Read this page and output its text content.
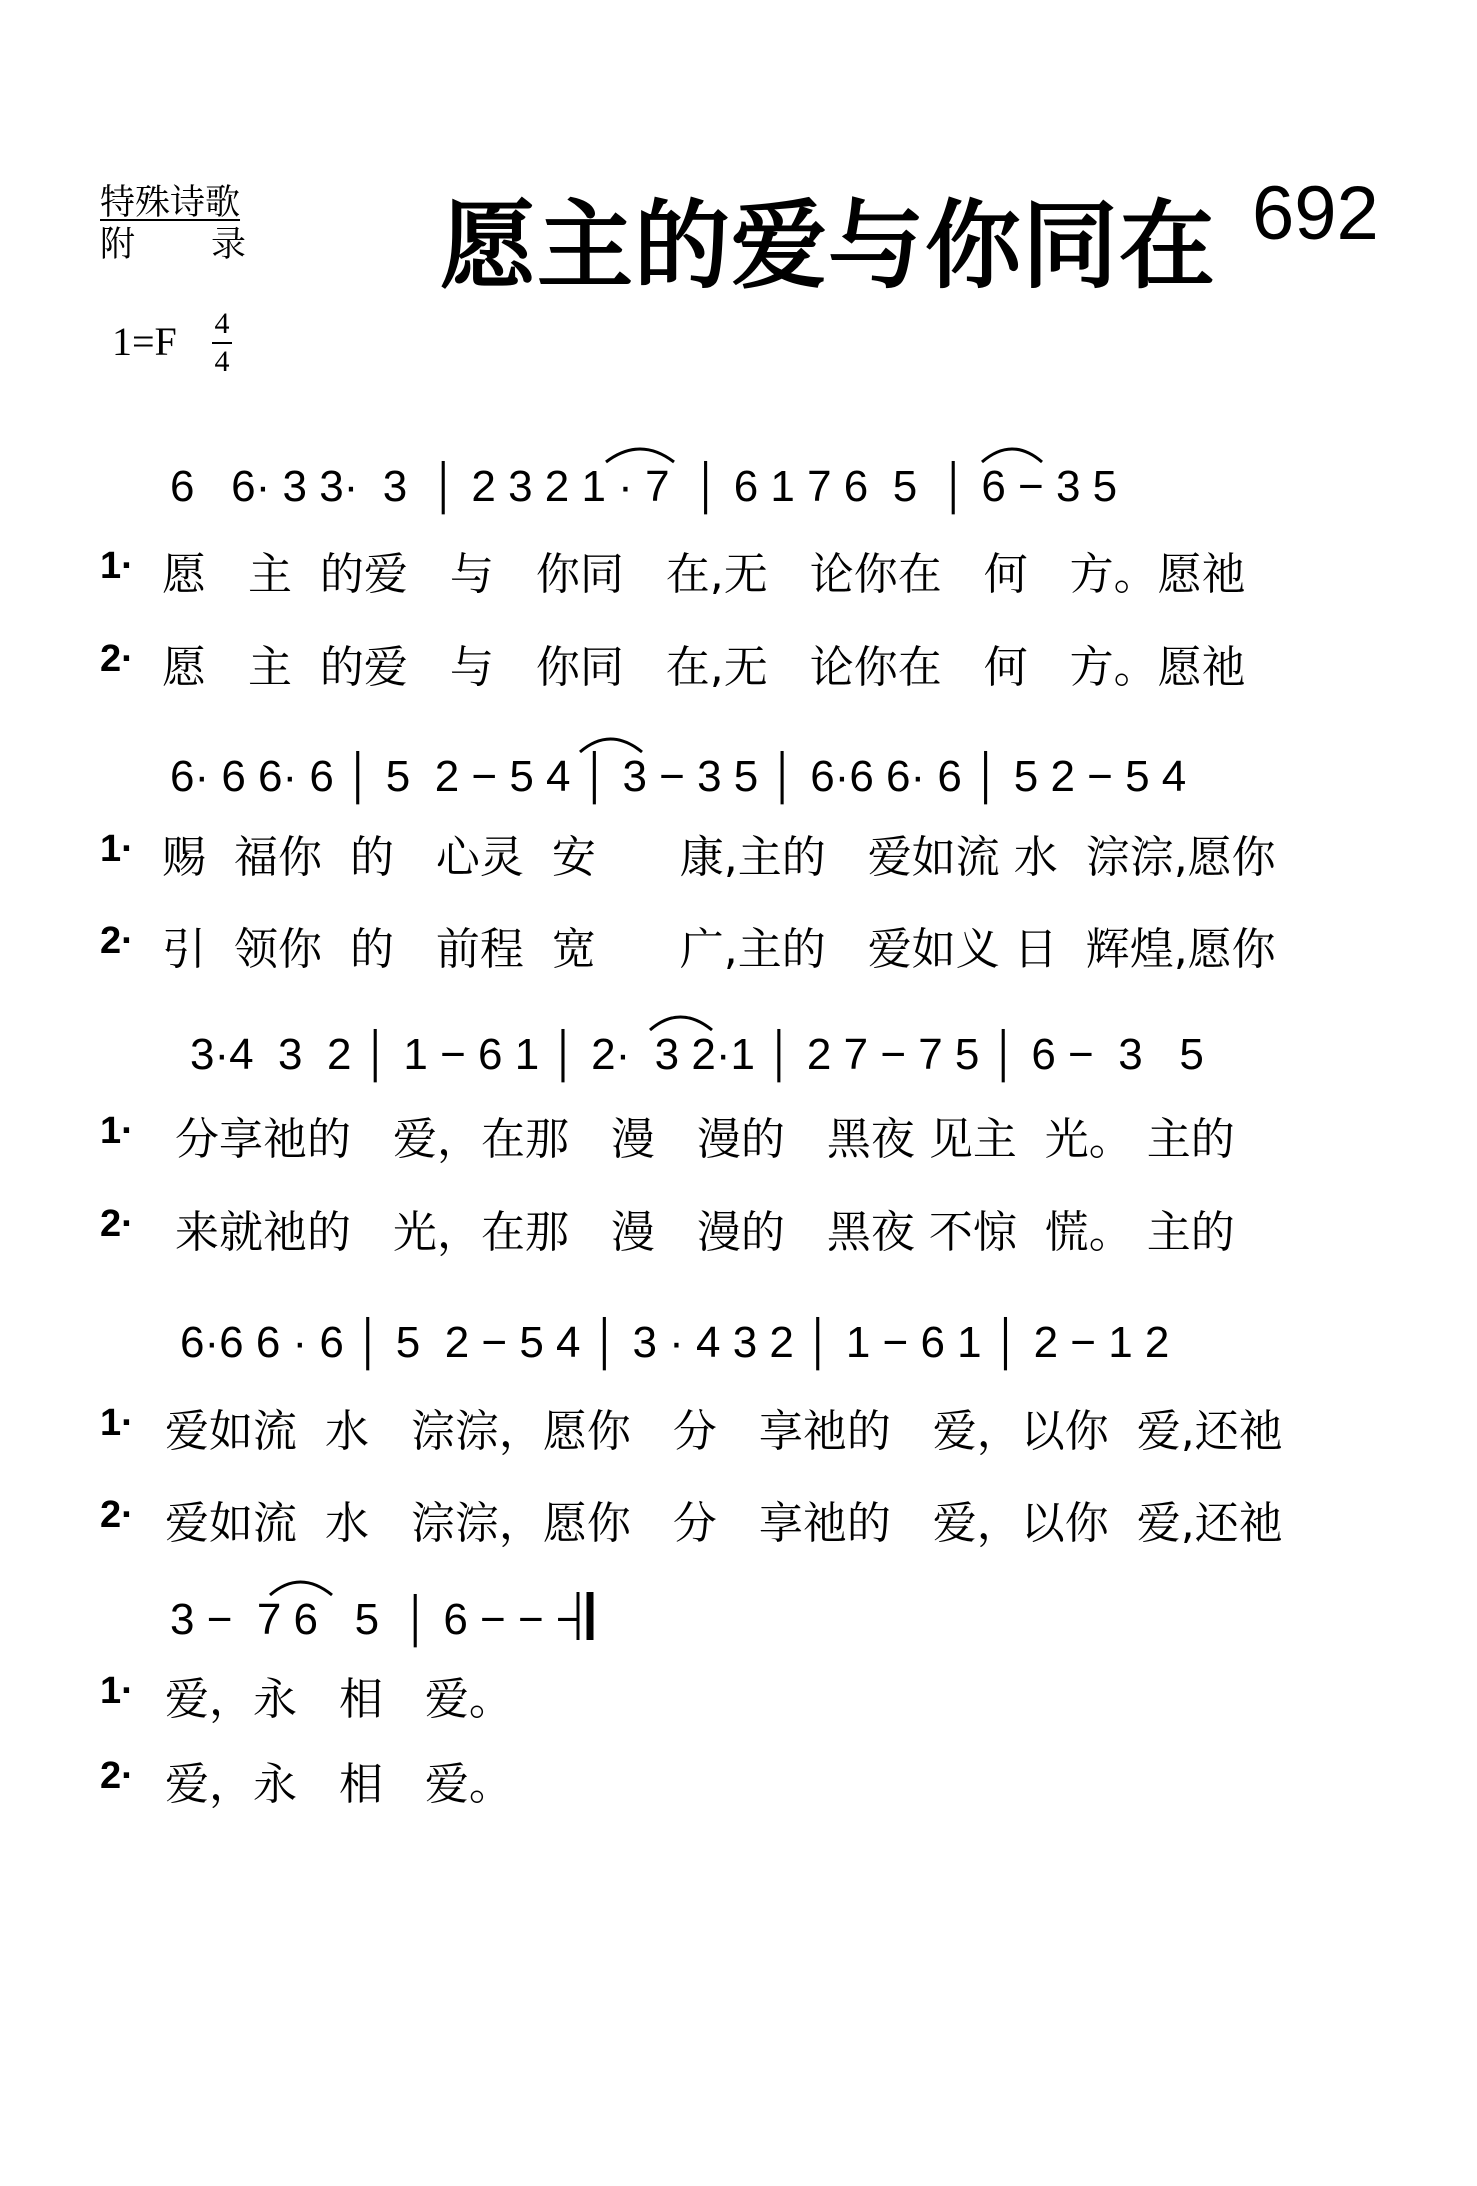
特殊诗歌
附 录 愿主的爱与你同在 692
1=F 4
4
6   6· 3 3·  3  │ 2 3 2 1 · 7  │ 6 1 7 6  5  │ 6 − 3 5
1· 愿   主  的爱   与   你同   在,无   论你在   何   方。愿祂
2· 愿   主  的爱   与   你同   在,无   论你在   何   方。愿祂
6· 6 6· 6 │ 5  2 − 5 4 │ 3 − 3 5 │ 6·6 6· 6 │ 5 2 − 5 4
1· 赐  福你  的   心灵  安      康,主的   爱如流 水  淙淙,愿你
2· 引  领你  的   前程  宽      广,主的   爱如义 日  辉煌,愿你
3·4  3  2 │ 1 − 6 1 │ 2·  3 2·1 │ 2 7 − 7 5 │ 6 −  3   5
1· 分享祂的   爱，在那   漫   漫的   黑夜 见主  光。 主的
2· 来就祂的   光，在那   漫   漫的   黑夜 不惊  慌。 主的
6·6 6 · 6 │ 5  2 − 5 4 │ 3 · 4 3 2 │ 1 − 6 1 │ 2 − 1 2
1· 爱如流  水   淙淙，愿你   分   享祂的   爱，以你  爱,还祂
2· 爱如流  水   淙淙，愿你   分   享祂的   爱，以你  爱,还祂
3 −  7 6   5  │ 6 − − −
1· 爱，永   相   爱。
2· 爱，永   相   爱。
